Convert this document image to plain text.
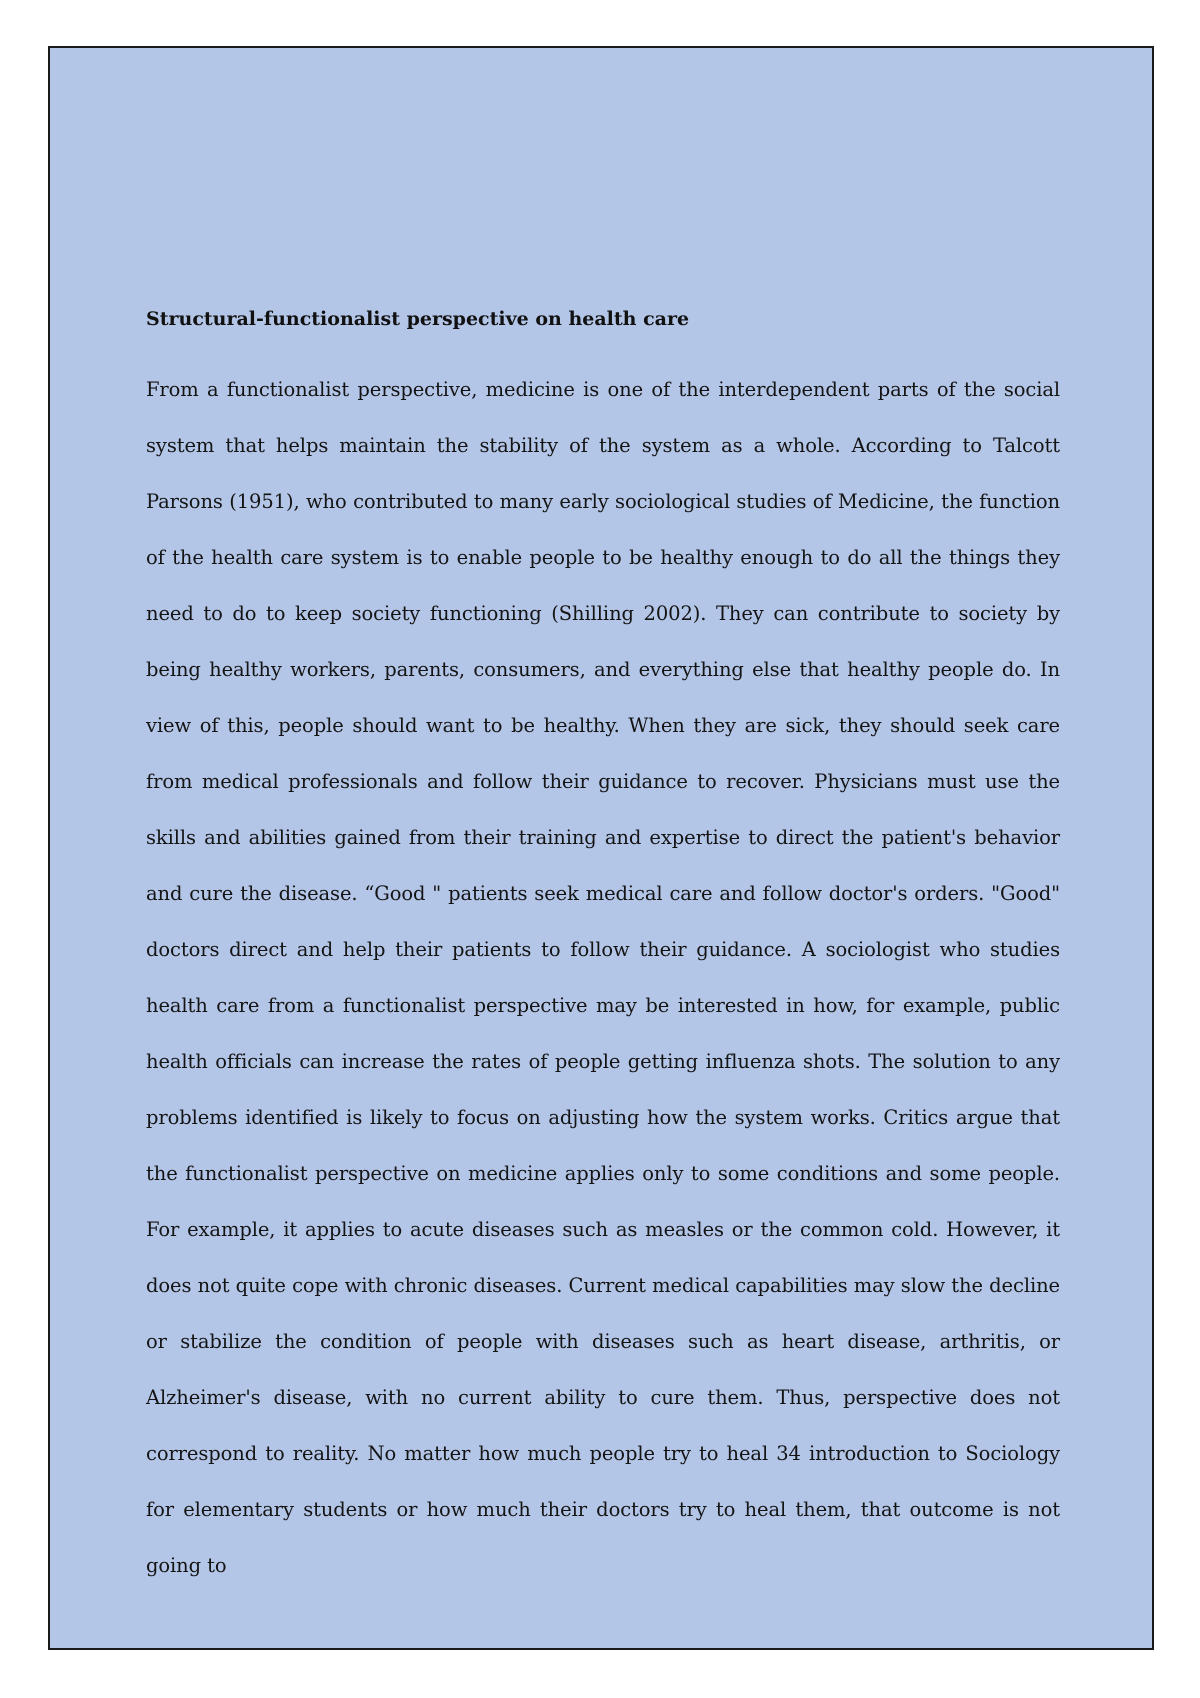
Structural-functionalist perspective on health care

From a functionalist perspective, medicine is one of the interdependent parts of the social system that helps maintain the stability of the system as a whole. According to Talcott Parsons (1951), who contributed to many early sociological studies of Medicine, the function of the health care system is to enable people to be healthy enough to do all the things they need to do to keep society functioning (Shilling 2002). They can contribute to society by being healthy workers, parents, consumers, and everything else that healthy people do. In view of this, people should want to be healthy. When they are sick, they should seek care from medical professionals and follow their guidance to recover. Physicians must use the skills and abilities gained from their training and expertise to direct the patient's behavior and cure the disease. “Good " patients seek medical care and follow doctor's orders. "Good" doctors direct and help their patients to follow their guidance. A sociologist who studies health care from a functionalist perspective may be interested in how, for example, public health officials can increase the rates of people getting influenza shots. The solution to any problems identified is likely to focus on adjusting how the system works. Critics argue that the functionalist perspective on medicine applies only to some conditions and some people. For example, it applies to acute diseases such as measles or the common cold. However, it does not quite cope with chronic diseases. Current medical capabilities may slow the decline or stabilize the condition of people with diseases such as heart disease, arthritis, or Alzheimer's disease, with no current ability to cure them. Thus, perspective does not correspond to reality. No matter how much people try to heal 34 introduction to Sociology for elementary students or how much their doctors try to heal them, that outcome is not going to
